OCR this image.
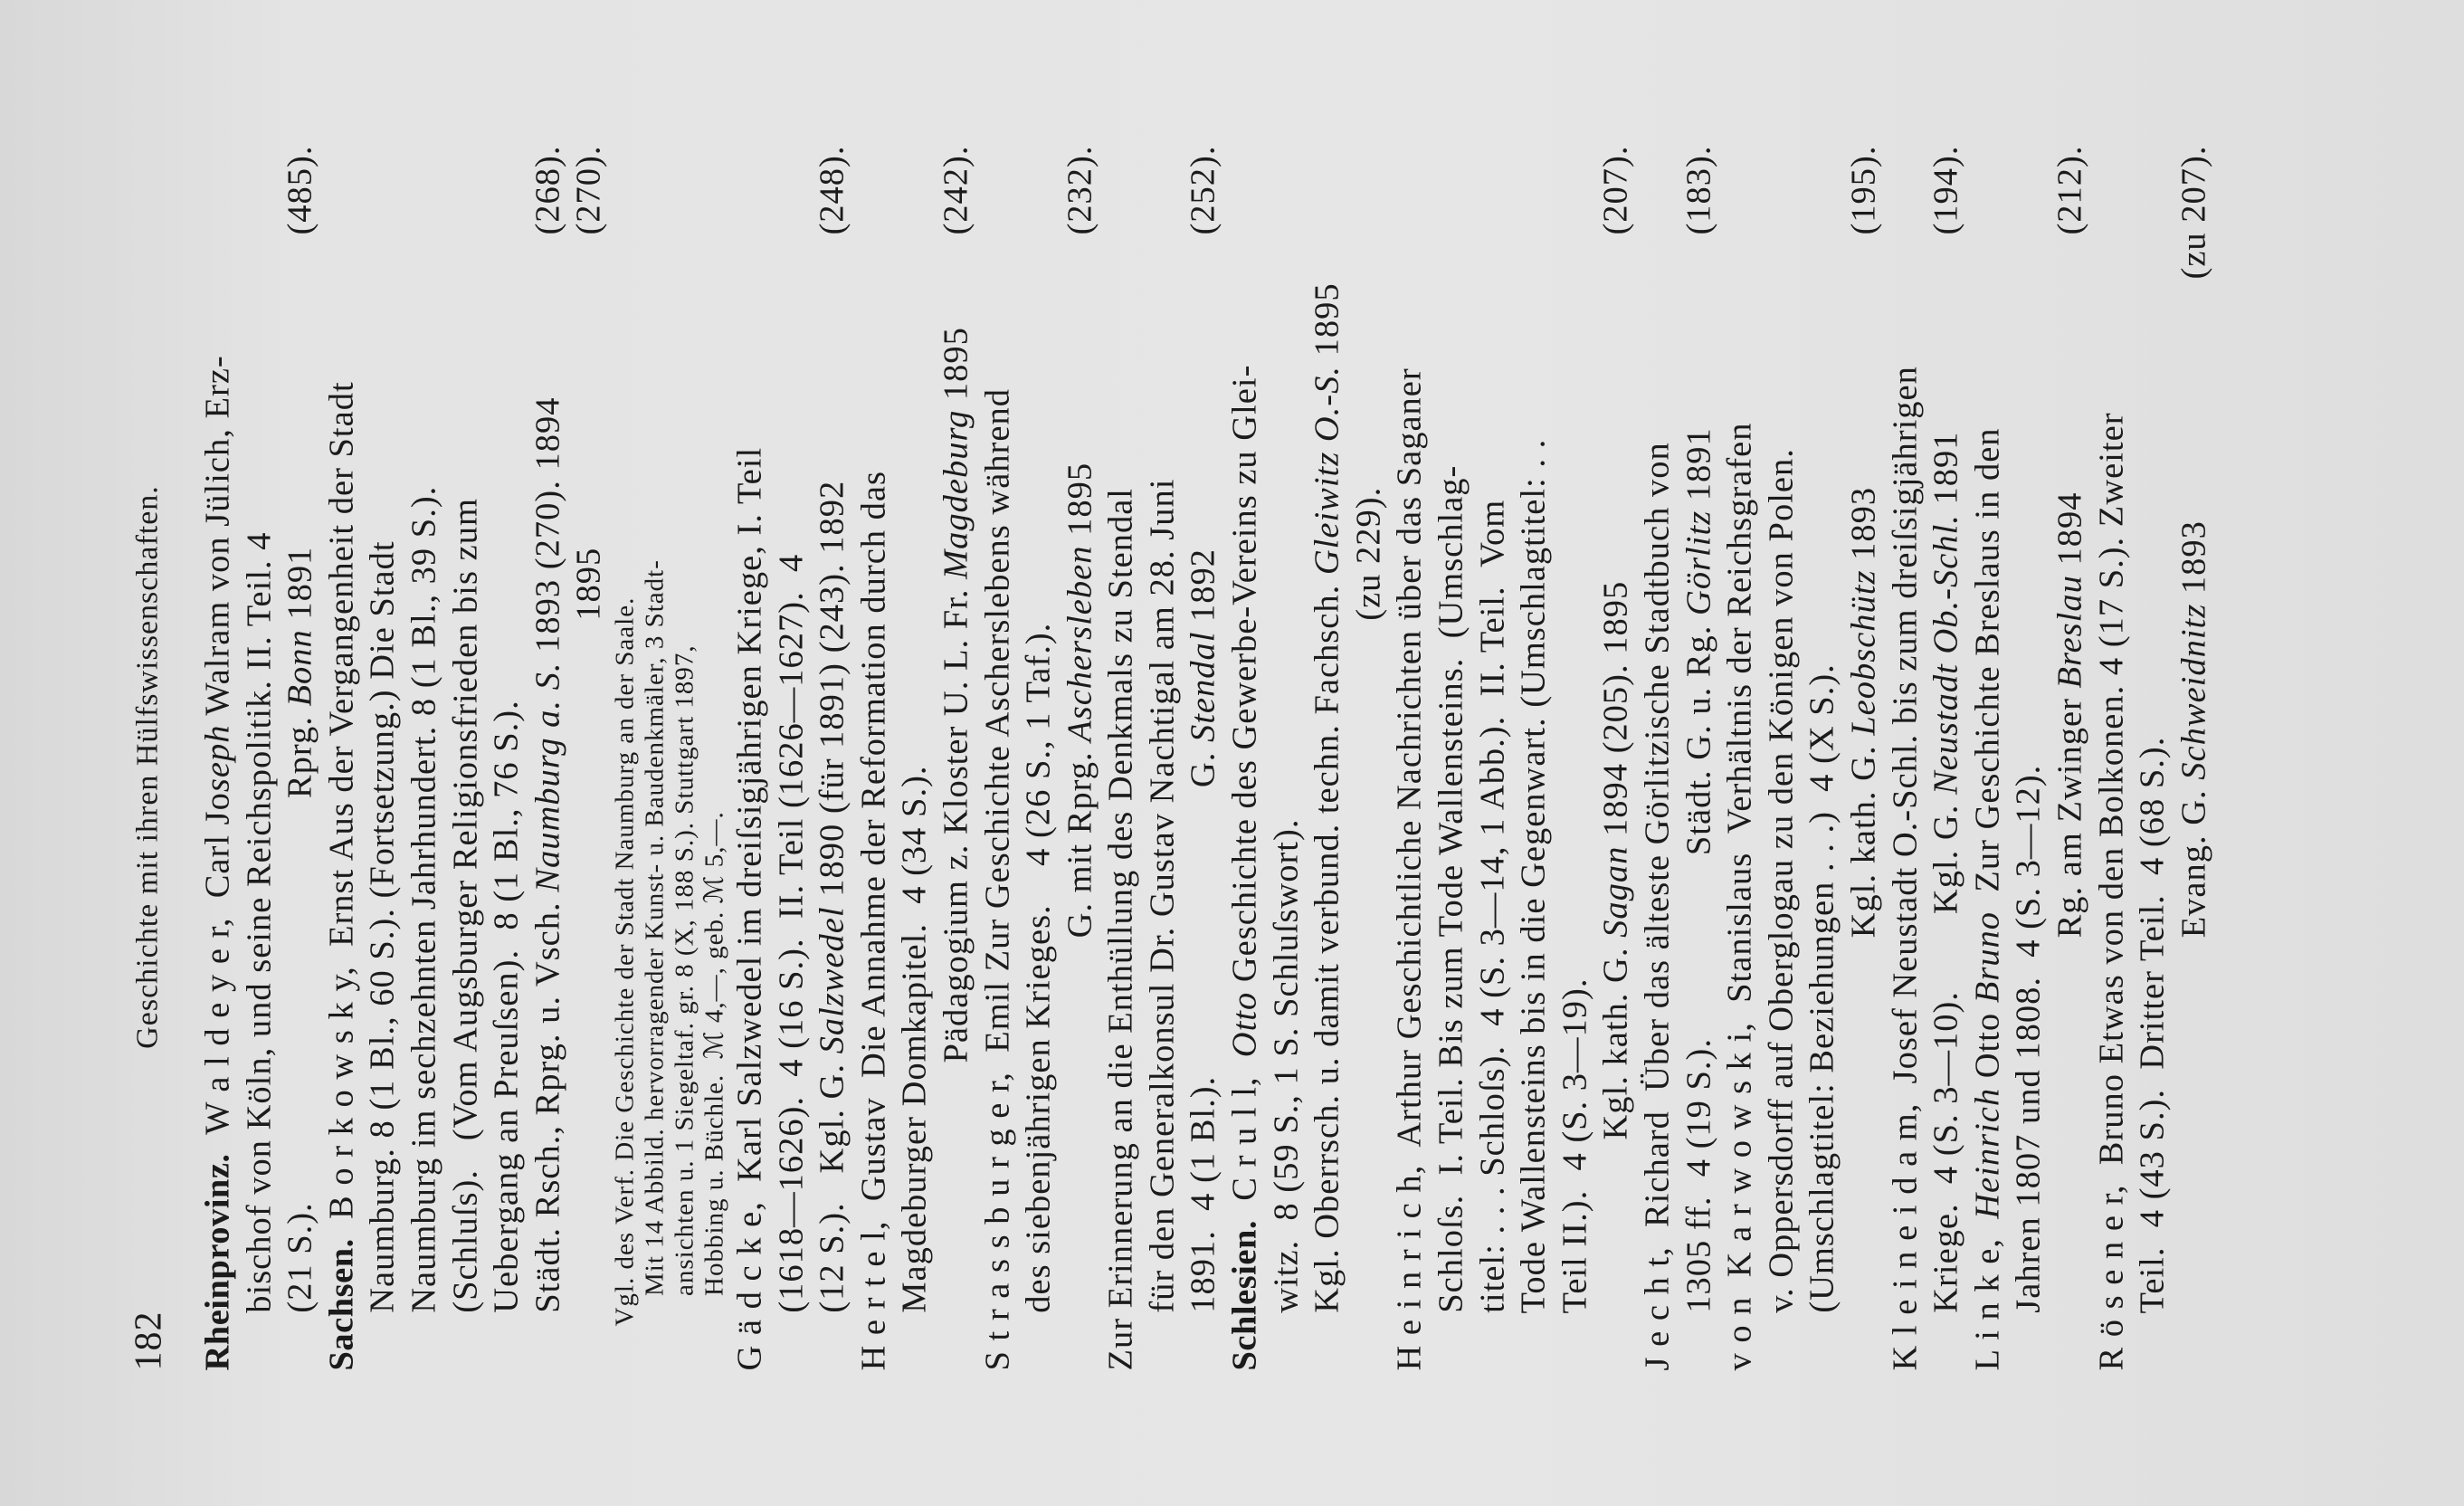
182
Geschichte mit ihren Hülfswissenschaften.
Rheinprovinz.  W a l d e y e r,  Carl Joseph Walram von Jülich, Erz- bischof von Köln, und seine Reichspolitik. II. Teil. 4 (21 S.).                                          Rprg. Bonn 1891
(485).
Sachsen.  B o r k o w s k y,  Ernst Aus der Vergangenheit der Stadt Naumburg. 8 (1 Bl., 60 S.). (Fortsetzung.) Die Stadt Naumburg im sechzehnten Jahrhundert. 8 (1 Bl., 39 S.). (Schluſs).   (Vom Augsburger Religionsfrieden bis zum Uebergang an Preuſsen).  8 (1 Bl., 76 S.). Städt. Rsch., Rprg. u. Vsch. Naumburg a. S. 1893 (270). 1894
(268).
1895
(270).
Vgl. des Verf. Die Geschichte der Stadt Naumburg an der Saale. Mit 14 Abbild. hervorragender Kunst- u. Baudenkmäler, 3 Stadt- ansichten u. 1 Siegeltaf. gr. 8 (X, 188 S.). Stuttgart 1897, Hobbing u. Büchle.  ℳ 4,—, geb. ℳ 5,—. G ä d c k e,  Karl Salzwedel im dreiſsigjährigen Kriege, I. Teil (1618—1626).  4 (16 S.).  II. Teil (1626—1627).  4 (12 S.).   Kgl. G. Salzwedel 1890 (für 1891) (243). 1892
(248).
H e r t e l,  Gustav  Die Annahme der Reformation durch das Magdeburger Domkapitel.  4 (34 S.). Pädagogium z. Kloster U. L. Fr. Magdeburg 1895
(242).
S t r a s s b u r g e r,  Emil Zur Geschichte Ascherslebens während des siebenjährigen Krieges.    4 (26 S., 1 Taf.). G. mit Rprg. Aschersleben 1895
(232).
Zur Erinnerung an die Enthüllung des Denkmals zu Stendal für den Generalkonsul Dr. Gustav Nachtigal am 28. Juni 1891.  4 (1 Bl.).                              G. Stendal 1892
(252).
Schlesien.  C r u l l,  Otto Geschichte des Gewerbe-Vereins zu Glei-
witz.  8 (59 S., 1 S. Schluſswort). Kgl. Oberrsch. u. damit verbund. techn. Fachsch. Gleiwitz O.-S. 1895
(zu 229). H e i n r i c h,  Arthur Geschichtliche Nachrichten über das Saganer Schloſs.  I. Teil. Bis zum Tode Wallensteins.  (Umschlag- titel: . . . Schloſs).  4 (S. 3—14, 1 Abb.).  II. Teil.  Vom Tode Wallensteins bis in die Gegenwart. (Umschlagtitel: . . Teil II.).  4 (S. 3—19). Kgl. kath. G. Sagan 1894 (205). 1895
(207).
J e c h t,  Richard  Über das älteste Görlitzische Stadtbuch von 1305 ff.  4 (19 S.).                   Städt. G. u. Rg. Görlitz 1891
(183).
v o n  K a r w o w s k i,  Stanislaus  Verhältnis der Reichsgrafen v. Oppersdorff auf Oberglogau zu den Königen von Polen. (Umschlagtitel: Beziehungen . . .)  4 (X S.). Kgl. kath. G. Leobschütz 1893
(195).
K l e i n e i d a m,  Josef Neustadt O.-Schl. bis zum dreiſsigjährigen Kriege.  4 (S. 3—10).        Kgl. G. Neustadt Ob.-Schl. 1891
(194).
L i n k e,  Heinrich Otto Bruno  Zur Geschichte Breslaus in den
Jahren 1807 und 1808.  4 (S. 3—12). Rg. am Zwinger Breslau 1894
(212).
R ö s e n e r,  Bruno Etwas von den Bolkonen. 4 (17 S.). Zweiter Teil.  4 (43 S.).  Dritter Teil.  4 (68 S.). Evang. G. Schweidnitz 1893
(zu 207).
